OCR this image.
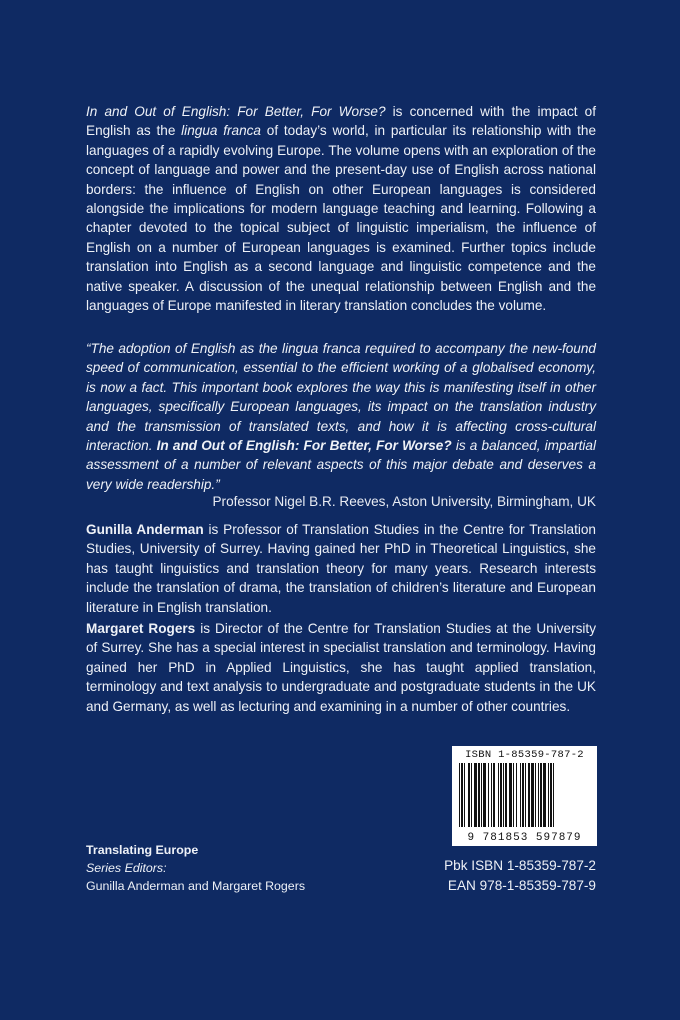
In and Out of English: For Better, For Worse? is concerned with the impact of English as the lingua franca of today’s world, in particular its relationship with the languages of a rapidly evolving Europe. The volume opens with an exploration of the concept of language and power and the present-day use of English across national borders: the influence of English on other European languages is considered alongside the implications for modern language teaching and learning. Following a chapter devoted to the topical subject of linguistic imperialism, the influence of English on a number of European languages is examined. Further topics include translation into English as a second language and linguistic competence and the native speaker. A discussion of the unequal relationship between English and the languages of Europe manifested in literary translation concludes the volume.

“The adoption of English as the lingua franca required to accompany the new-found speed of communication, essential to the efficient working of a globalised economy, is now a fact. This important book explores the way this is manifesting itself in other languages, specifically European languages, its impact on the translation industry and the transmission of translated texts, and how it is affecting cross-cultural interaction. In and Out of English: For Better, For Worse? is a balanced, impartial assessment of a number of relevant aspects of this major debate and deserves a very wide readership.”

Professor Nigel B.R. Reeves, Aston University, Birmingham, UK

Gunilla Anderman is Professor of Translation Studies in the Centre for Translation Studies, University of Surrey. Having gained her PhD in Theoretical Linguistics, she has taught linguistics and translation theory for many years. Research interests include the translation of drama, the translation of children’s literature and European literature in English translation.

Margaret Rogers is Director of the Centre for Translation Studies at the University of Surrey. She has a special interest in specialist translation and terminology. Having gained her PhD in Applied Linguistics, she has taught applied translation, terminology and text analysis to undergraduate and postgraduate students in the UK and Germany, as well as lecturing and examining in a number of other countries.

ISBN 1-85359-787-2
9 781853 597879
Translating Europe
Series Editors:
Gunilla Anderman and Margaret Rogers
Pbk ISBN 1-85359-787-2
EAN 978-1-85359-787-9
